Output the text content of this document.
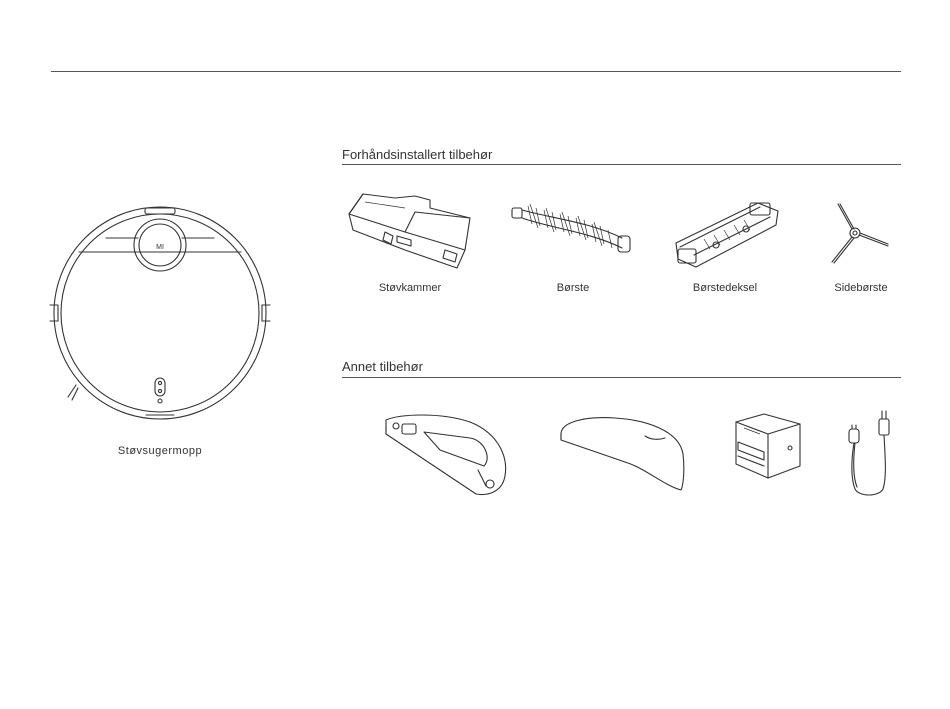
MI
Støvsugermopp
Forhåndsinstallert tilbehør
Støvkammer	Børste	Børstedeksel	Sidebørste
Annet tilbehør
